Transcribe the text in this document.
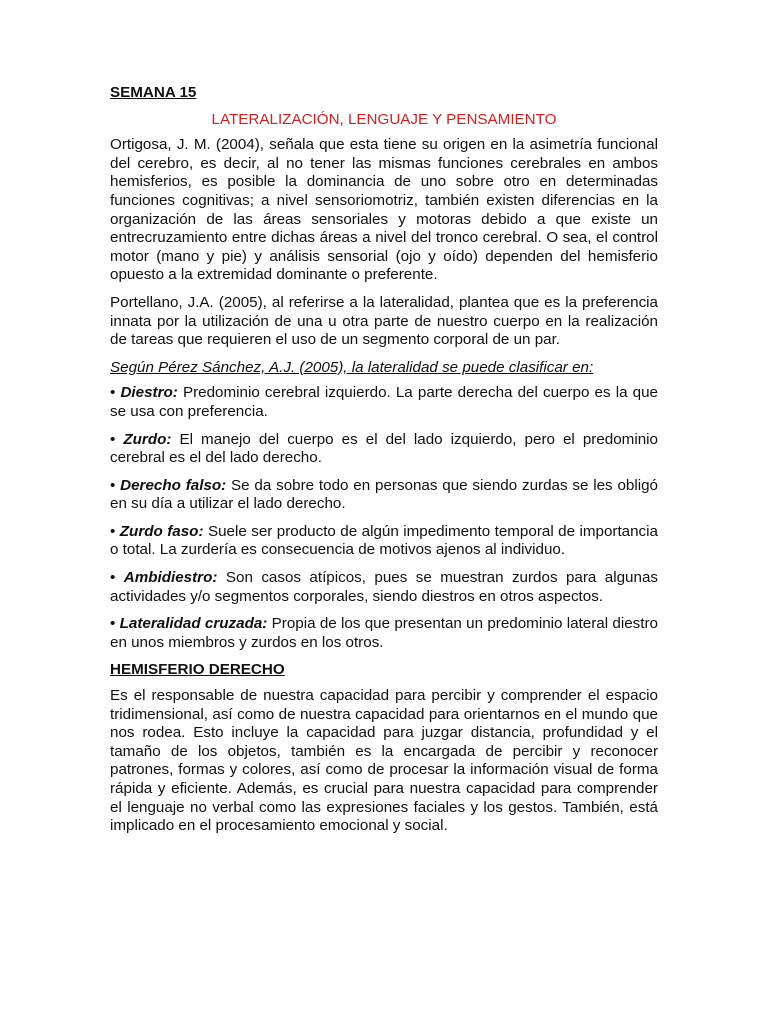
SEMANA 15
LATERALIZACIÓN, LENGUAJE Y PENSAMIENTO

Ortigosa, J. M. (2004), señala que esta tiene su origen en la asimetría funcional del cerebro, es decir, al no tener las mismas funciones cerebrales en ambos hemisferios, es posible la dominancia de uno sobre otro en determinadas funciones cognitivas; a nivel sensoriomotriz, también existen diferencias en la organización de las áreas sensoriales y motoras debido a que existe un entrecruzamiento entre dichas áreas a nivel del tronco cerebral. O sea, el control motor (mano y pie) y análisis sensorial (ojo y oído) dependen del hemisferio opuesto a la extremidad dominante o preferente.

Portellano, J.A. (2005), al referirse a la lateralidad, plantea que es la preferencia innata por la utilización de una u otra parte de nuestro cuerpo en la realización de tareas que requieren el uso de un segmento corporal de un par.

Según Pérez Sánchez, A.J. (2005), la lateralidad se puede clasificar en:

• Diestro: Predominio cerebral izquierdo. La parte derecha del cuerpo es la que se usa con preferencia.

• Zurdo: El manejo del cuerpo es el del lado izquierdo, pero el predominio cerebral es el del lado derecho.

• Derecho falso: Se da sobre todo en personas que siendo zurdas se les obligó en su día a utilizar el lado derecho.

• Zurdo faso: Suele ser producto de algún impedimento temporal de importancia o total. La zurdería es consecuencia de motivos ajenos al individuo.

• Ambidiestro: Son casos atípicos, pues se muestran zurdos para algunas actividades y/o segmentos corporales, siendo diestros en otros aspectos.

• Lateralidad cruzada: Propia de los que presentan un predominio lateral diestro en unos miembros y zurdos en los otros.

HEMISFERIO DERECHO

Es el responsable de nuestra capacidad para percibir y comprender el espacio tridimensional, así como de nuestra capacidad para orientarnos en el mundo que nos rodea. Esto incluye la capacidad para juzgar distancia, profundidad y el tamaño de los objetos, también es la encargada de percibir y reconocer patrones, formas y colores, así como de procesar la información visual de forma rápida y eficiente. Además, es crucial para nuestra capacidad para comprender el lenguaje no verbal como las expresiones faciales y los gestos. También, está implicado en el procesamiento emocional y social.
